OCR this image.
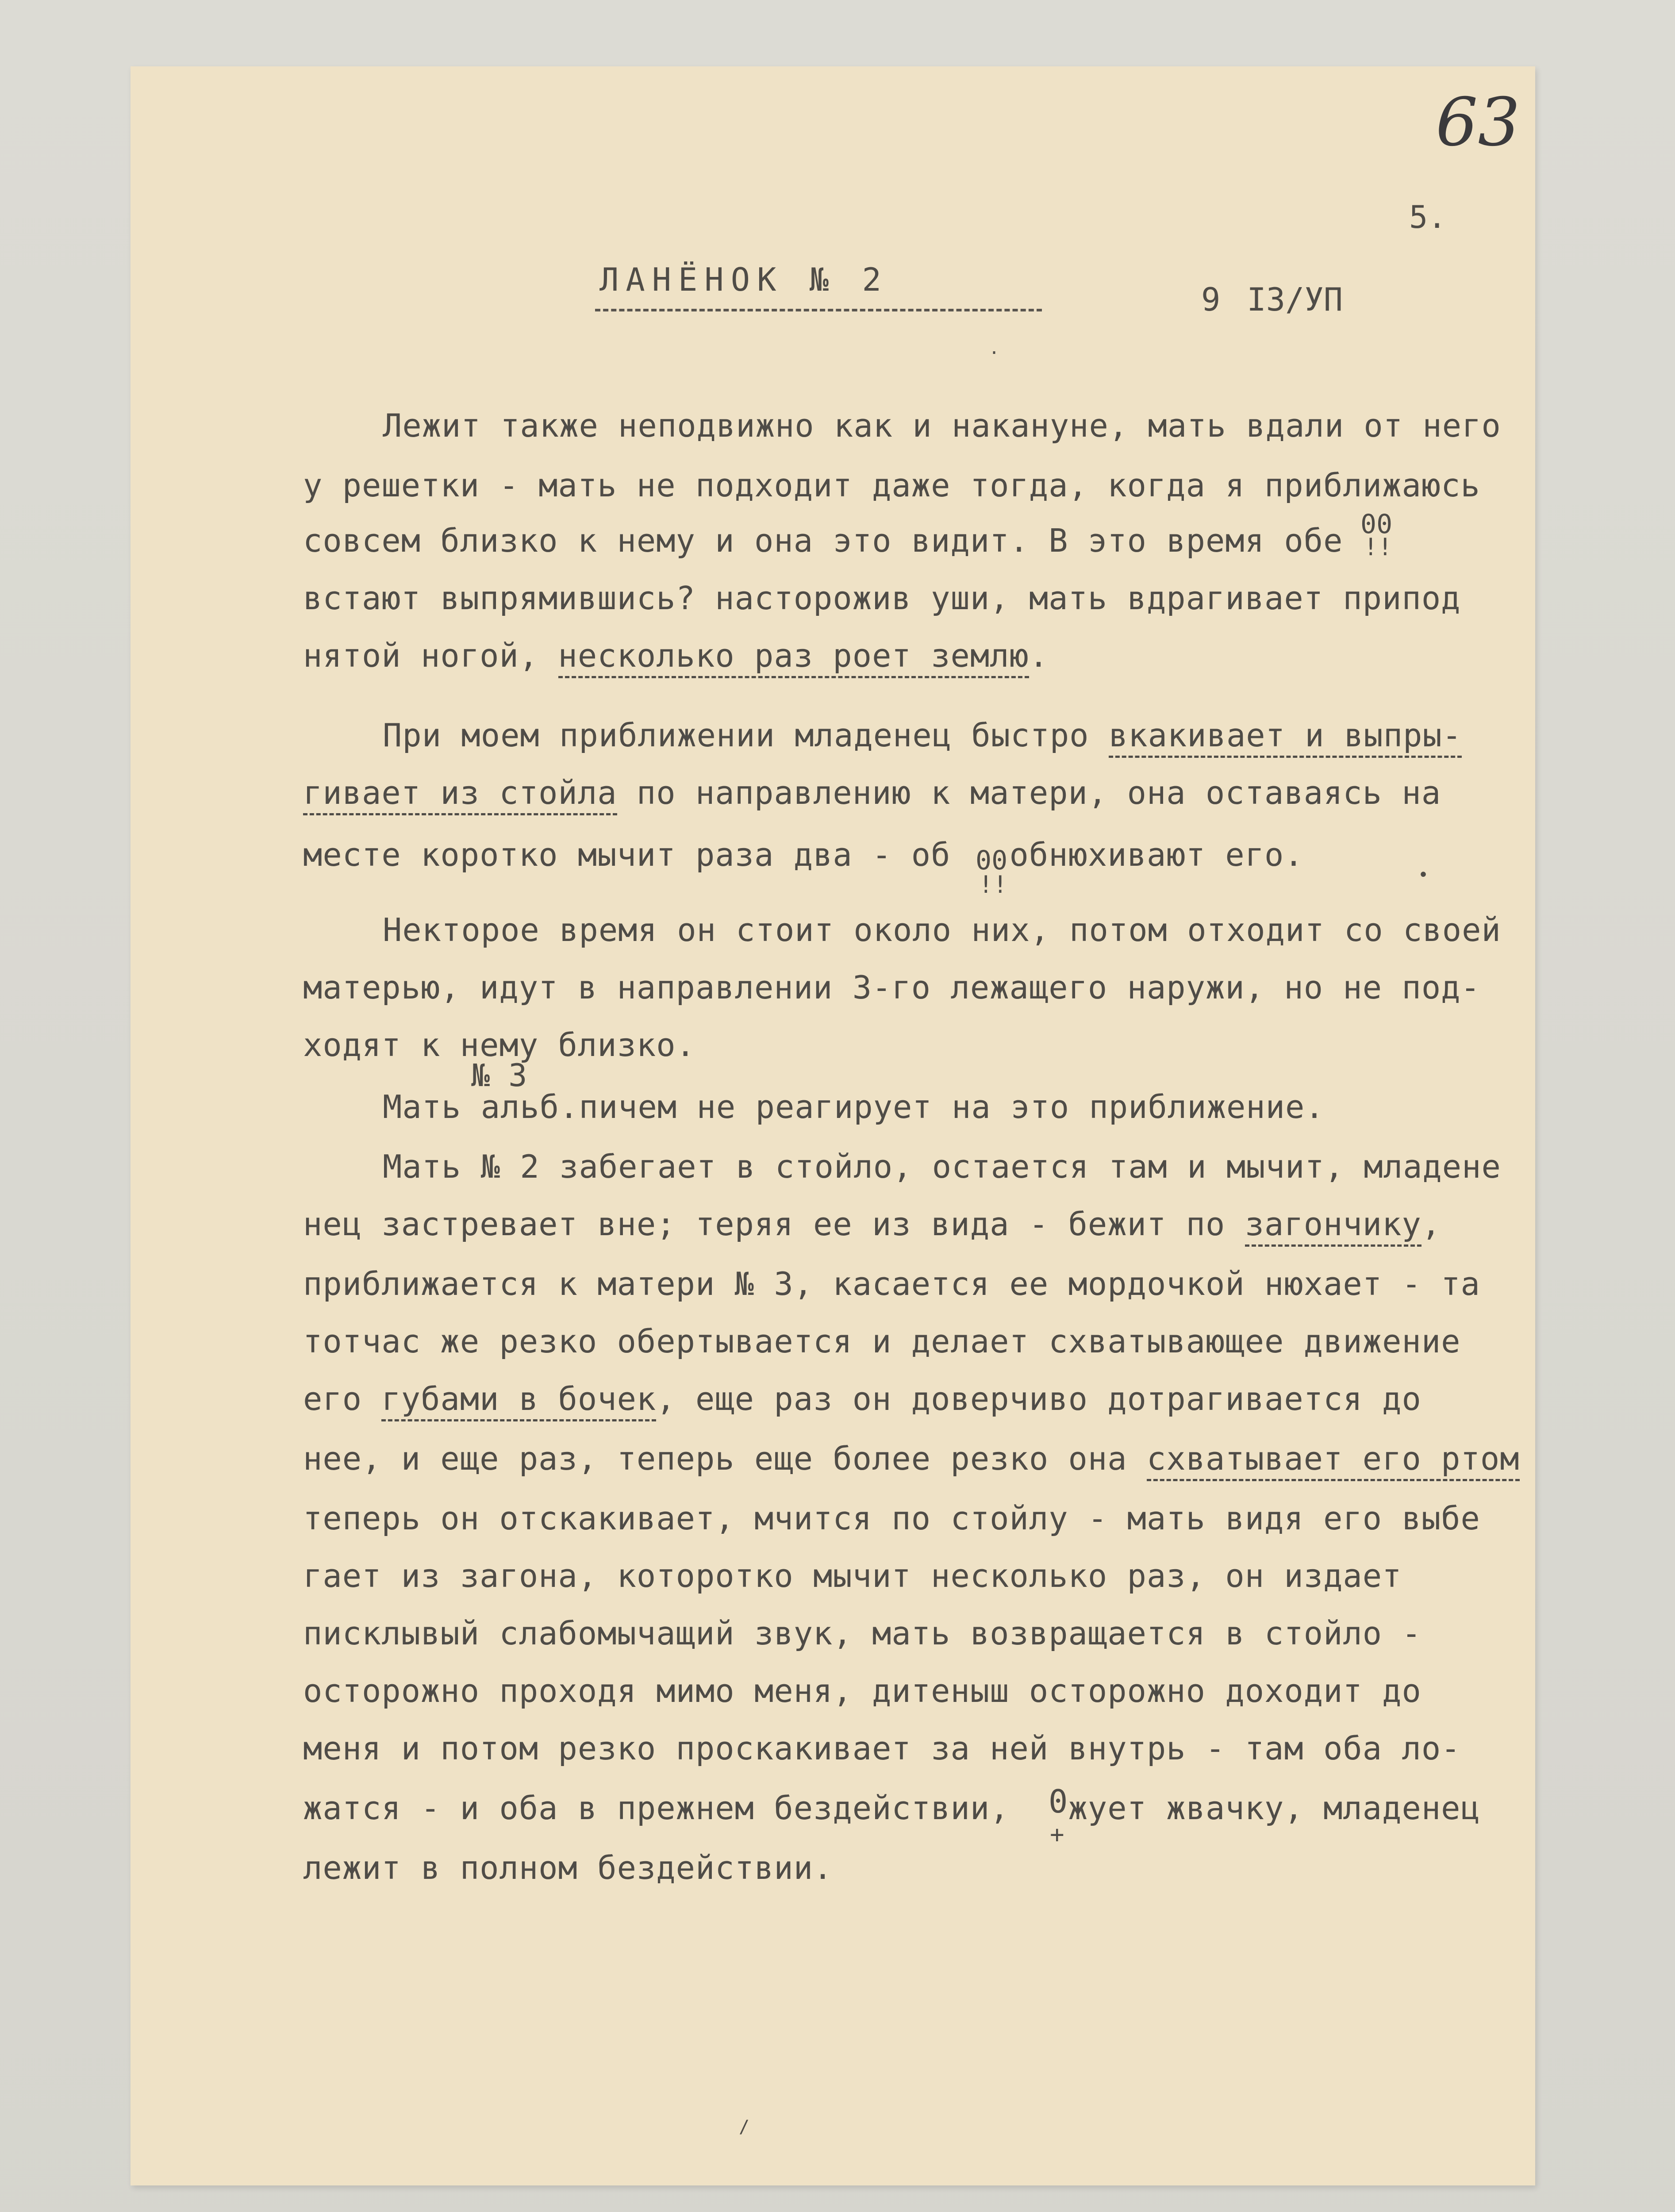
63
5.
ЛАНЁНОК № 2
9 I3/УП
Лежит также неподвижно как и накануне, мать вдали от него
у решетки - мать не подходит даже тогда, когда я приближаюсь
совсем близко к нему и она это видит. В это время обе 00
!!
встают выпрямившись? насторожив уши, мать вдрагивает припод
нятой ногой, несколько раз роет землю.
При моем приближении младенец быстро вкакивает и выпры-
гивает из стойла по направлению к матери, она оставаясь на
месте коротко мычит раза два - об обнюхивают его.
00
!!
Некторое время он стоит около них, потом отходит со своей
матерью, идут в направлении 3-го лежащего наружи, но не под-
ходят к нему близко.
№ 3
Мать альб.пичем не реагирует на это приближение.
Мать № 2 забегает в стойло, остается там и мычит, младене
нец застревает вне; теряя ее из вида - бежит по загончику,
приближается к матери № 3, касается ее мордочкой нюхает - та
тотчас же резко обертывается и делает схватывающее движение
его губами в бочек, еще раз он доверчиво дотрагивается до
нее, и еще раз, теперь еще более резко она схватывает его ртом
теперь он отскакивает, мчится по стойлу - мать видя его выбе
гает из загона, которотко мычит несколько раз, он издает
писклывый слабомычащий звук, мать возвращается в стойло -
осторожно проходя мимо меня, дитеныш осторожно доходит до
меня и потом резко проскакивает за ней внутрь - там оба ло-
жатся - и оба в прежнем бездействии, жует жвачку, младенец
0
+
лежит в полном бездействии.
•
·
/
